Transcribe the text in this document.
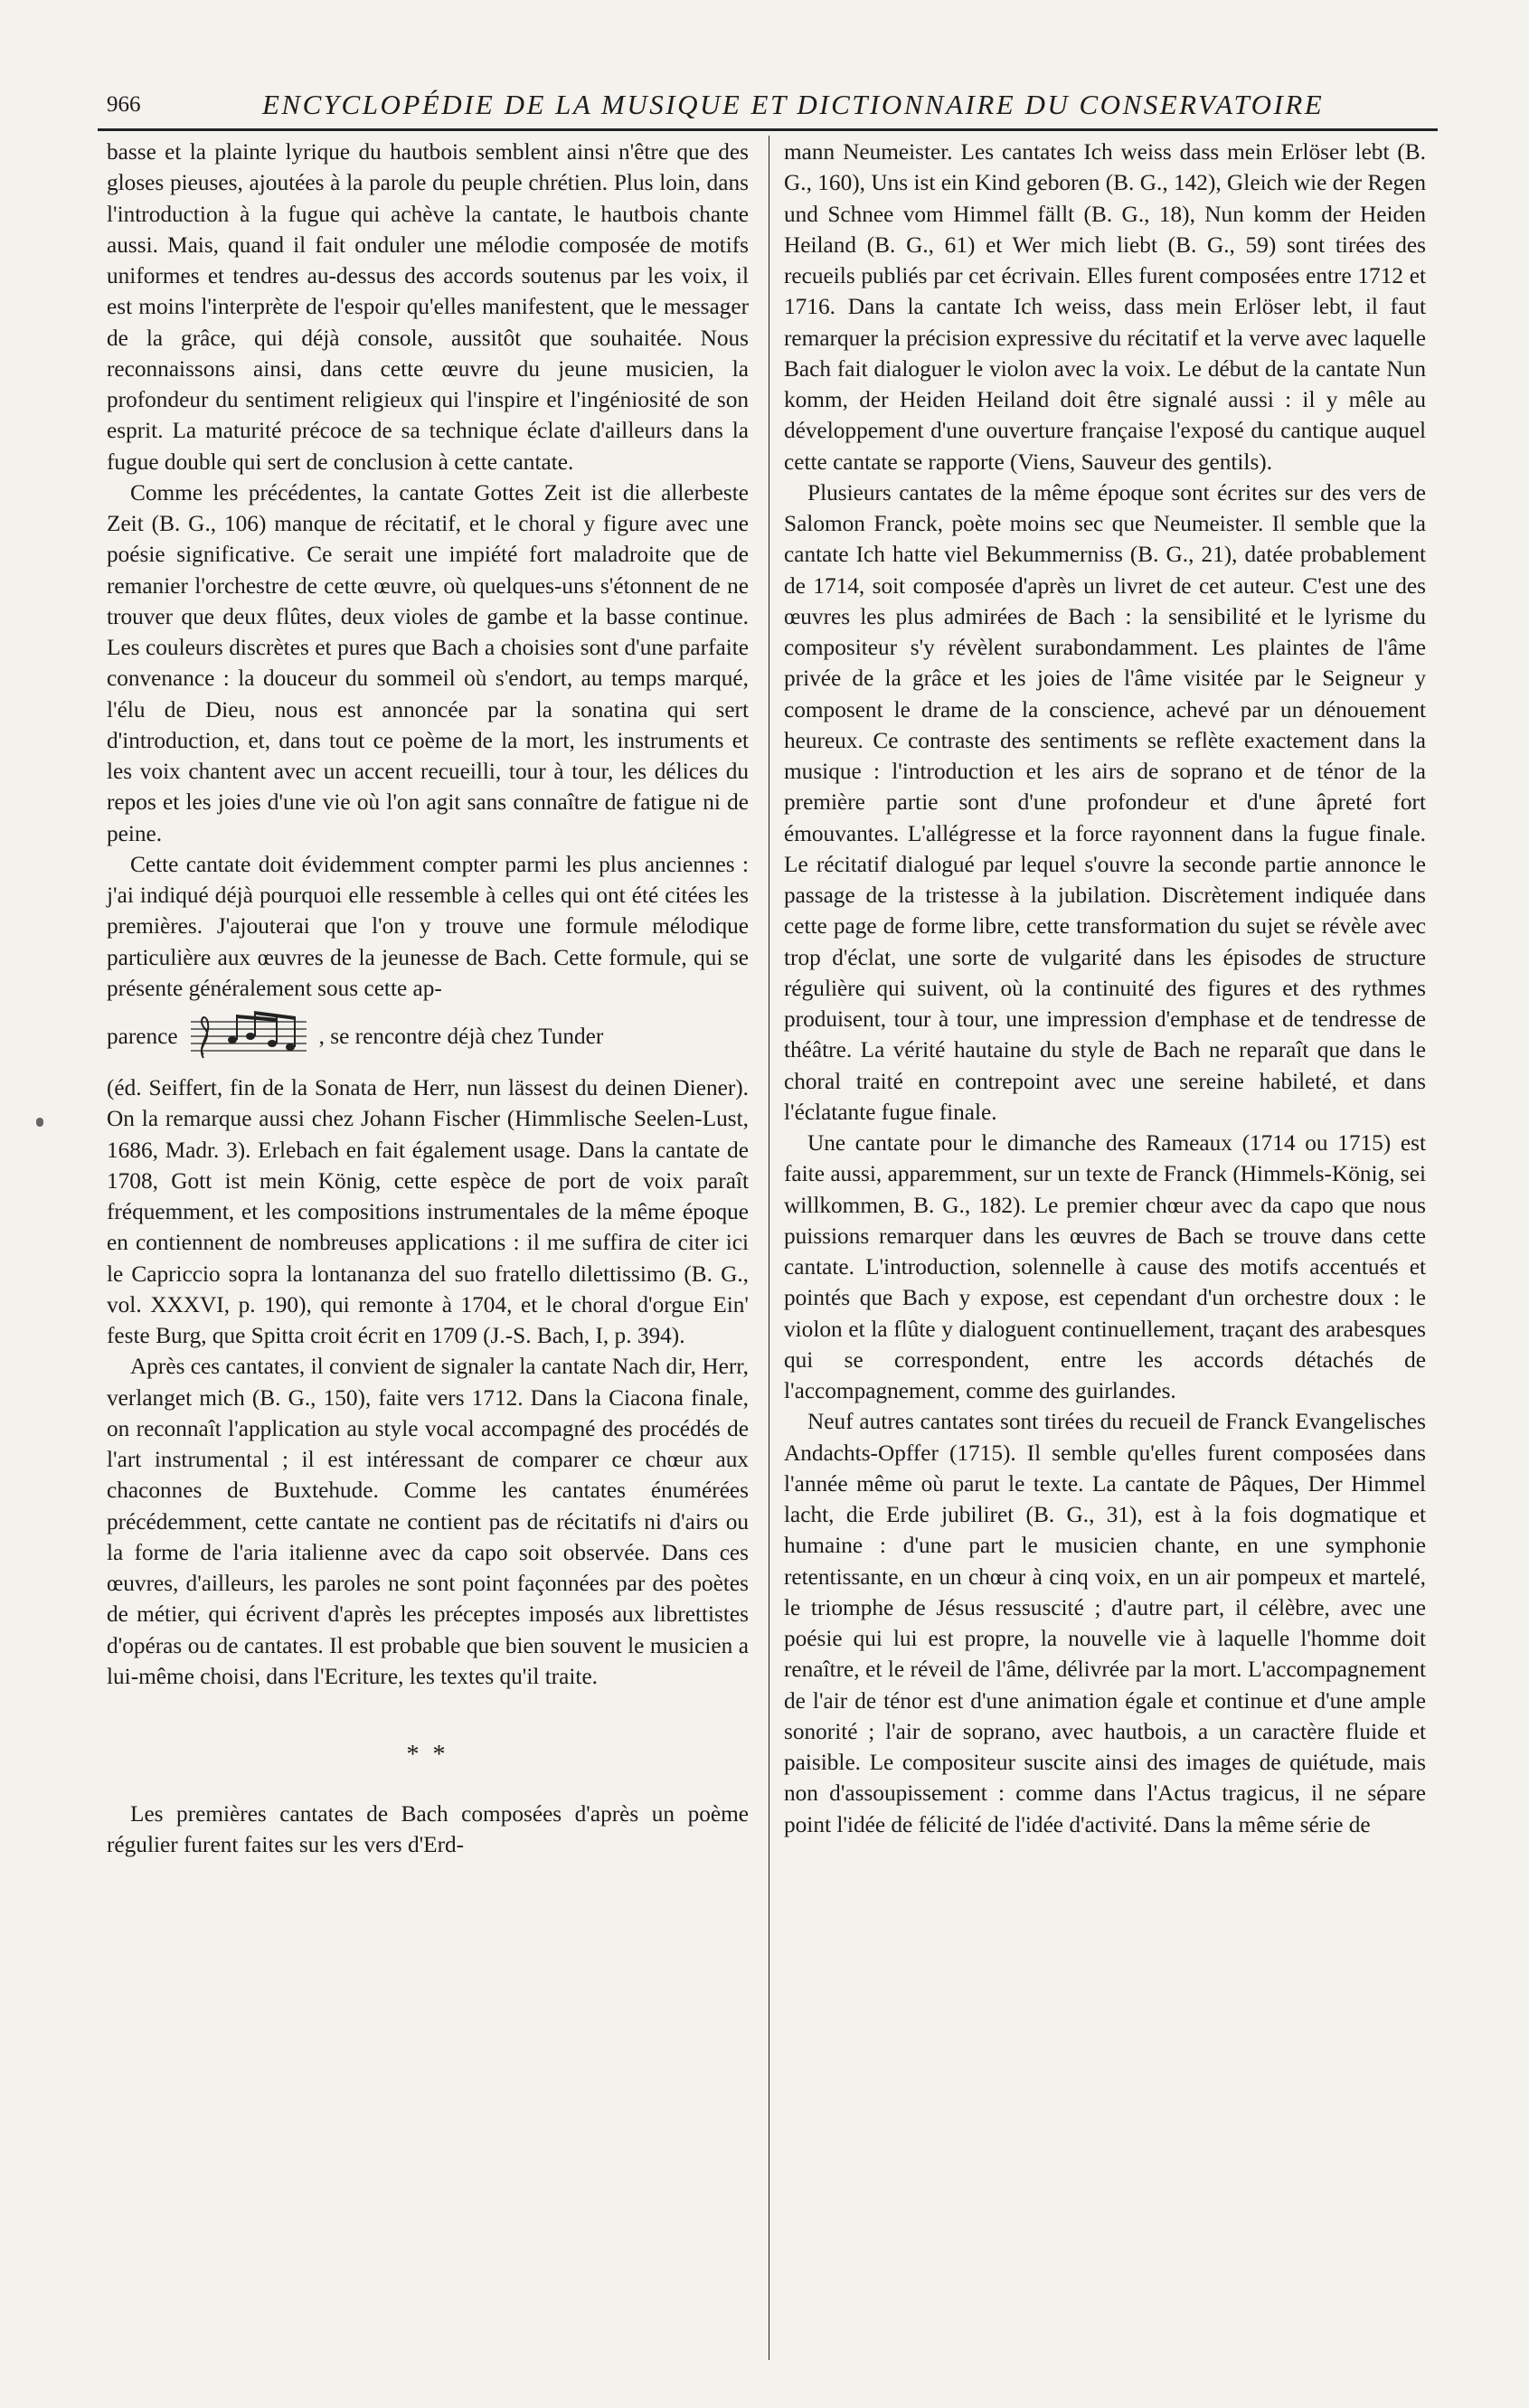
966	ENCYCLOPÉDIE DE LA MUSIQUE ET DICTIONNAIRE DU CONSERVATOIRE

basse et la plainte lyrique du hautbois semblent ainsi n'être que des gloses pieuses, ajoutées à la parole du peuple chrétien. Plus loin, dans l'introduction à la fugue qui achève la cantate, le hautbois chante aussi. Mais, quand il fait onduler une mélodie composée de motifs uniformes et tendres au-dessus des accords soutenus par les voix, il est moins l'interprète de l'espoir qu'elles manifestent, que le messager de la grâce, qui déjà console, aussitôt que souhaitée. Nous reconnaissons ainsi, dans cette œuvre du jeune musicien, la profondeur du sentiment religieux qui l'inspire et l'ingéniosité de son esprit. La maturité précoce de sa technique éclate d'ailleurs dans la fugue double qui sert de conclusion à cette cantate.

Comme les précédentes, la cantate Gottes Zeit ist die allerbeste Zeit (B. G., 106) manque de récitatif, et le choral y figure avec une poésie significative. Ce serait une impiété fort maladroite que de remanier l'orchestre de cette œuvre, où quelques-uns s'étonnent de ne trouver que deux flûtes, deux violes de gambe et la basse continue. Les couleurs discrètes et pures que Bach a choisies sont d'une parfaite convenance : la douceur du sommeil où s'endort, au temps marqué, l'élu de Dieu, nous est annoncée par la sonatina qui sert d'introduction, et, dans tout ce poème de la mort, les instruments et les voix chantent avec un accent recueilli, tour à tour, les délices du repos et les joies d'une vie où l'on agit sans connaître de fatigue ni de peine.

Cette cantate doit évidemment compter parmi les plus anciennes : j'ai indiqué déjà pourquoi elle ressemble à celles qui ont été citées les premières. J'ajouterai que l'on y trouve une formule mélodique particulière aux œuvres de la jeunesse de Bach. Cette formule, qui se présente généralement sous cette ap-

parence	, se rencontre déjà chez Tunder

(éd. Seiffert, fin de la Sonata de Herr, nun lässest du deinen Diener). On la remarque aussi chez Johann Fischer (Himmlische Seelen-Lust, 1686, Madr. 3). Erlebach en fait également usage. Dans la cantate de 1708, Gott ist mein König, cette espèce de port de voix paraît fréquemment, et les compositions instrumentales de la même époque en contiennent de nombreuses applications : il me suffira de citer ici le Capriccio sopra la lontananza del suo fratello dilettissimo (B. G., vol. XXXVI, p. 190), qui remonte à 1704, et le choral d'orgue Ein' feste Burg, que Spitta croit écrit en 1709 (J.-S. Bach, I, p. 394).

Après ces cantates, il convient de signaler la cantate Nach dir, Herr, verlanget mich (B. G., 150), faite vers 1712. Dans la Ciacona finale, on reconnaît l'application au style vocal accompagné des procédés de l'art instrumental ; il est intéressant de comparer ce chœur aux chaconnes de Buxtehude. Comme les cantates énumérées précédemment, cette cantate ne contient pas de récitatifs ni d'airs ou la forme de l'aria italienne avec da capo soit observée. Dans ces œuvres, d'ailleurs, les paroles ne sont point façonnées par des poètes de métier, qui écrivent d'après les préceptes imposés aux librettistes d'opéras ou de cantates. Il est probable que bien souvent le musicien a lui-même choisi, dans l'Ecriture, les textes qu'il traite.

* *

Les premières cantates de Bach composées d'après un poème régulier furent faites sur les vers d'Erd-

mann Neumeister. Les cantates Ich weiss dass mein Erlöser lebt (B. G., 160), Uns ist ein Kind geboren (B. G., 142), Gleich wie der Regen und Schnee vom Himmel fällt (B. G., 18), Nun komm der Heiden Heiland (B. G., 61) et Wer mich liebt (B. G., 59) sont tirées des recueils publiés par cet écrivain. Elles furent composées entre 1712 et 1716. Dans la cantate Ich weiss, dass mein Erlöser lebt, il faut remarquer la précision expressive du récitatif et la verve avec laquelle Bach fait dialoguer le violon avec la voix. Le début de la cantate Nun komm, der Heiden Heiland doit être signalé aussi : il y mêle au développement d'une ouverture française l'exposé du cantique auquel cette cantate se rapporte (Viens, Sauveur des gentils).

Plusieurs cantates de la même époque sont écrites sur des vers de Salomon Franck, poète moins sec que Neumeister. Il semble que la cantate Ich hatte viel Bekummerniss (B. G., 21), datée probablement de 1714, soit composée d'après un livret de cet auteur. C'est une des œuvres les plus admirées de Bach : la sensibilité et le lyrisme du compositeur s'y révèlent surabondamment. Les plaintes de l'âme privée de la grâce et les joies de l'âme visitée par le Seigneur y composent le drame de la conscience, achevé par un dénouement heureux. Ce contraste des sentiments se reflète exactement dans la musique : l'introduction et les airs de soprano et de ténor de la première partie sont d'une profondeur et d'une âpreté fort émouvantes. L'allégresse et la force rayonnent dans la fugue finale. Le récitatif dialogué par lequel s'ouvre la seconde partie annonce le passage de la tristesse à la jubilation. Discrètement indiquée dans cette page de forme libre, cette transformation du sujet se révèle avec trop d'éclat, une sorte de vulgarité dans les épisodes de structure régulière qui suivent, où la continuité des figures et des rythmes produisent, tour à tour, une impression d'emphase et de tendresse de théâtre. La vérité hautaine du style de Bach ne reparaît que dans le choral traité en contrepoint avec une sereine habileté, et dans l'éclatante fugue finale.

Une cantate pour le dimanche des Rameaux (1714 ou 1715) est faite aussi, apparemment, sur un texte de Franck (Himmels-König, sei willkommen, B. G., 182). Le premier chœur avec da capo que nous puissions remarquer dans les œuvres de Bach se trouve dans cette cantate. L'introduction, solennelle à cause des motifs accentués et pointés que Bach y expose, est cependant d'un orchestre doux : le violon et la flûte y dialoguent continuellement, traçant des arabesques qui se correspondent, entre les accords détachés de l'accompagnement, comme des guirlandes.

Neuf autres cantates sont tirées du recueil de Franck Evangelisches Andachts-Opffer (1715). Il semble qu'elles furent composées dans l'année même où parut le texte. La cantate de Pâques, Der Himmel lacht, die Erde jubiliret (B. G., 31), est à la fois dogmatique et humaine : d'une part le musicien chante, en une symphonie retentissante, en un chœur à cinq voix, en un air pompeux et martelé, le triomphe de Jésus ressuscité ; d'autre part, il célèbre, avec une poésie qui lui est propre, la nouvelle vie à laquelle l'homme doit renaître, et le réveil de l'âme, délivrée par la mort. L'accompagnement de l'air de ténor est d'une animation égale et continue et d'une ample sonorité ; l'air de soprano, avec hautbois, a un caractère fluide et paisible. Le compositeur suscite ainsi des images de quiétude, mais non d'assoupissement : comme dans l'Actus tragicus, il ne sépare point l'idée de félicité de l'idée d'activité. Dans la même série de
